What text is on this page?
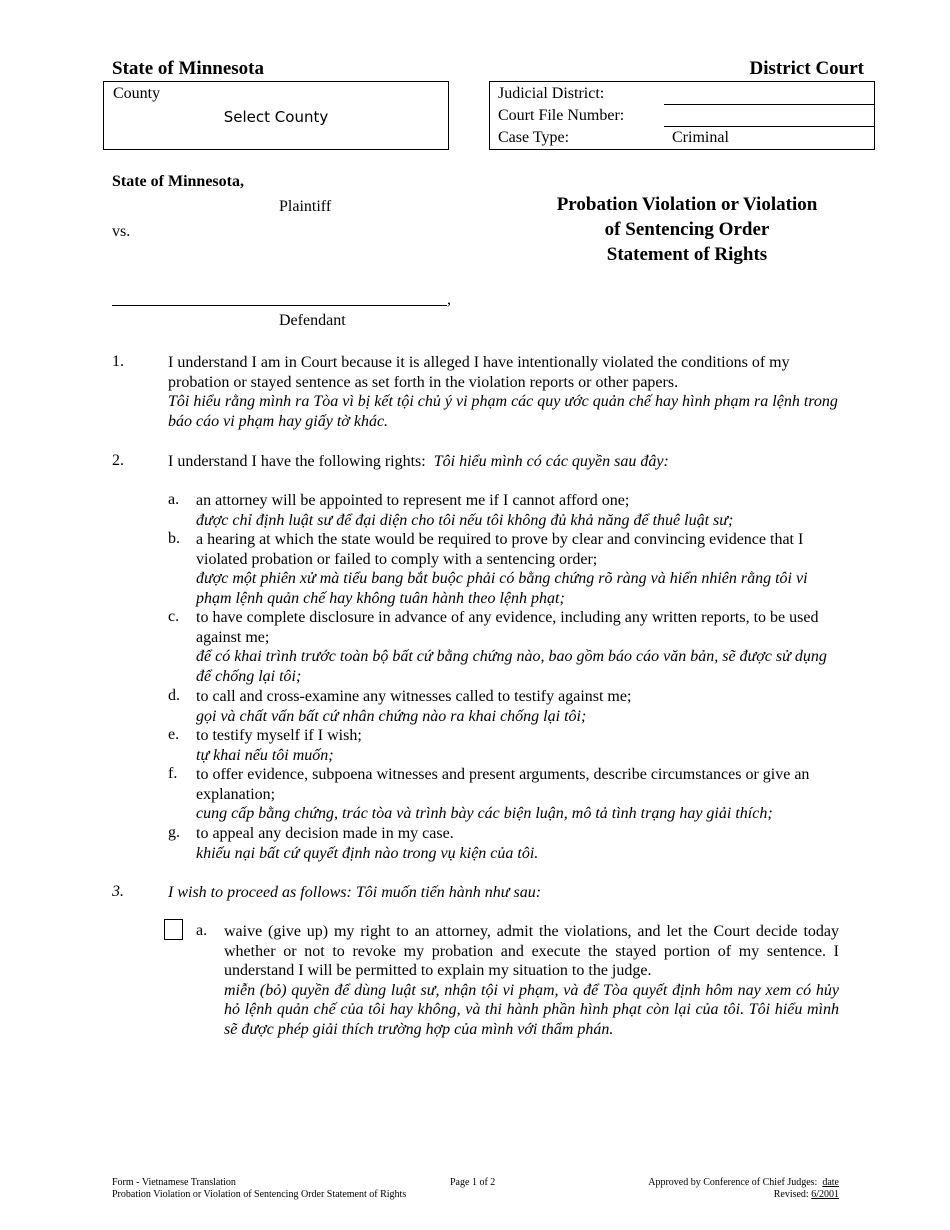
State of Minnesota	District Court
County
Select County
Judicial District:
Court File Number:
Case Type:	Criminal
State of Minnesota,
Plaintiff
vs.
,
Defendant
Probation Violation or Violation
of Sentencing Order
Statement of Rights
1.	I understand I am in Court because it is alleged I have intentionally violated the conditions of my probation or stayed sentence as set forth in the violation reports or other papers.
Tôi hiểu rằng mình ra Tòa vì bị kết tội chủ ý vi phạm các quy ước quản chế hay hình phạm ra lệnh trong báo cáo vi phạm hay giấy tờ khác.
2.	I understand I have the following rights: Tôi hiểu mình có các quyền sau đây:
a. an attorney will be appointed to represent me if I cannot afford one;
được chỉ định luật sư để đại diện cho tôi nếu tôi không đủ khả năng để thuê luật sư;
b. a hearing at which the state would be required to prove by clear and convincing evidence that I violated probation or failed to comply with a sentencing order;
được một phiên xử mà tiểu bang bắt buộc phải có bằng chứng rõ ràng và hiển nhiên rằng tôi vi phạm lệnh quản chế hay không tuân hành theo lệnh phạt;
c. to have complete disclosure in advance of any evidence, including any written reports, to be used against me;
để có khai trình trước toàn bộ bất cứ bằng chứng nào, bao gồm báo cáo văn bản, sẽ được sử dụng để chống lại tôi;
d. to call and cross-examine any witnesses called to testify against me;
gọi và chất vấn bất cứ nhân chứng nào ra khai chống lại tôi;
e. to testify myself if I wish;
tự khai nếu tôi muốn;
f. to offer evidence, subpoena witnesses and present arguments, describe circumstances or give an explanation;
cung cấp bằng chứng, trác tòa và trình bày các biện luận, mô tả tình trạng hay giải thích;
g. to appeal any decision made in my case.
khiếu nại bất cứ quyết định nào trong vụ kiện của tôi.
3.	I wish to proceed as follows: Tôi muốn tiến hành như sau:
a. waive (give up) my right to an attorney, admit the violations, and let the Court decide today whether or not to revoke my probation and execute the stayed portion of my sentence. I understand I will be permitted to explain my situation to the judge.
miễn (bỏ) quyền để dùng luật sư, nhận tội vi phạm, và để Tòa quyết định hôm nay xem có hủy hỏ lệnh quản chế của tôi hay không, và thi hành phần hình phạt còn lại của tôi. Tôi hiểu mình sẽ được phép giải thích trường hợp của mình với thẩm phán.
Form - Vietnamese Translation
Probation Violation or Violation of Sentencing Order Statement of Rights
Page 1 of 2	Approved by Conference of Chief Judges: date
Revised: 6/2001
